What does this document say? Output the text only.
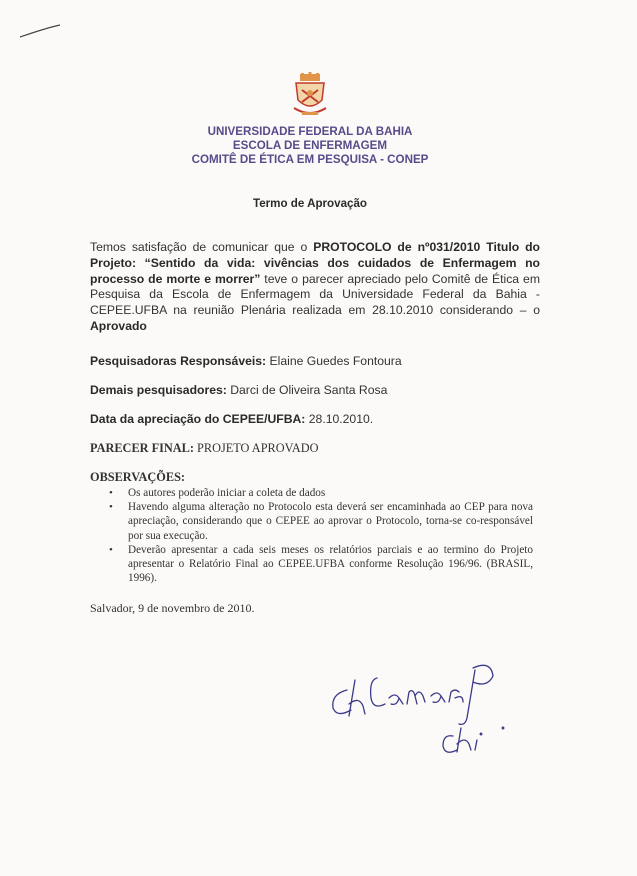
UNIVERSIDADE FEDERAL DA BAHIA
ESCOLA DE ENFERMAGEM
COMITÊ DE ÉTICA EM PESQUISA - CONEP
Termo de Aprovação
Temos satisfação de comunicar que o PROTOCOLO de nº031/2010 Titulo do Projeto: “Sentido da vida: vivências dos cuidados de Enfermagem no processo de morte e morrer” teve o parecer apreciado pelo Comitê de Ética em Pesquisa da Escola de Enfermagem da Universidade Federal da Bahia - CEPEE.UFBA na reunião Plenária realizada em 28.10.2010 considerando – o Aprovado
Pesquisadoras Responsáveis: Elaine Guedes Fontoura
Demais pesquisadores: Darci de Oliveira Santa Rosa
Data da apreciação do CEPEE/UFBA: 28.10.2010.
PARECER FINAL: PROJETO APROVADO
OBSERVAÇÕES:
• Os autores poderão iniciar a coleta de dados
• Havendo alguma alteração no Protocolo esta deverá ser encaminhada ao CEP para nova apreciação, considerando que o CEPEE ao aprovar o Protocolo, torna-se co-responsável por sua execução.
• Deverão apresentar a cada seis meses os relatórios parciais e ao termino do Projeto apresentar o Relatório Final ao CEPEE.UFBA conforme Resolução 196/96. (BRASIL, 1996).
Salvador, 9 de novembro de 2010.
